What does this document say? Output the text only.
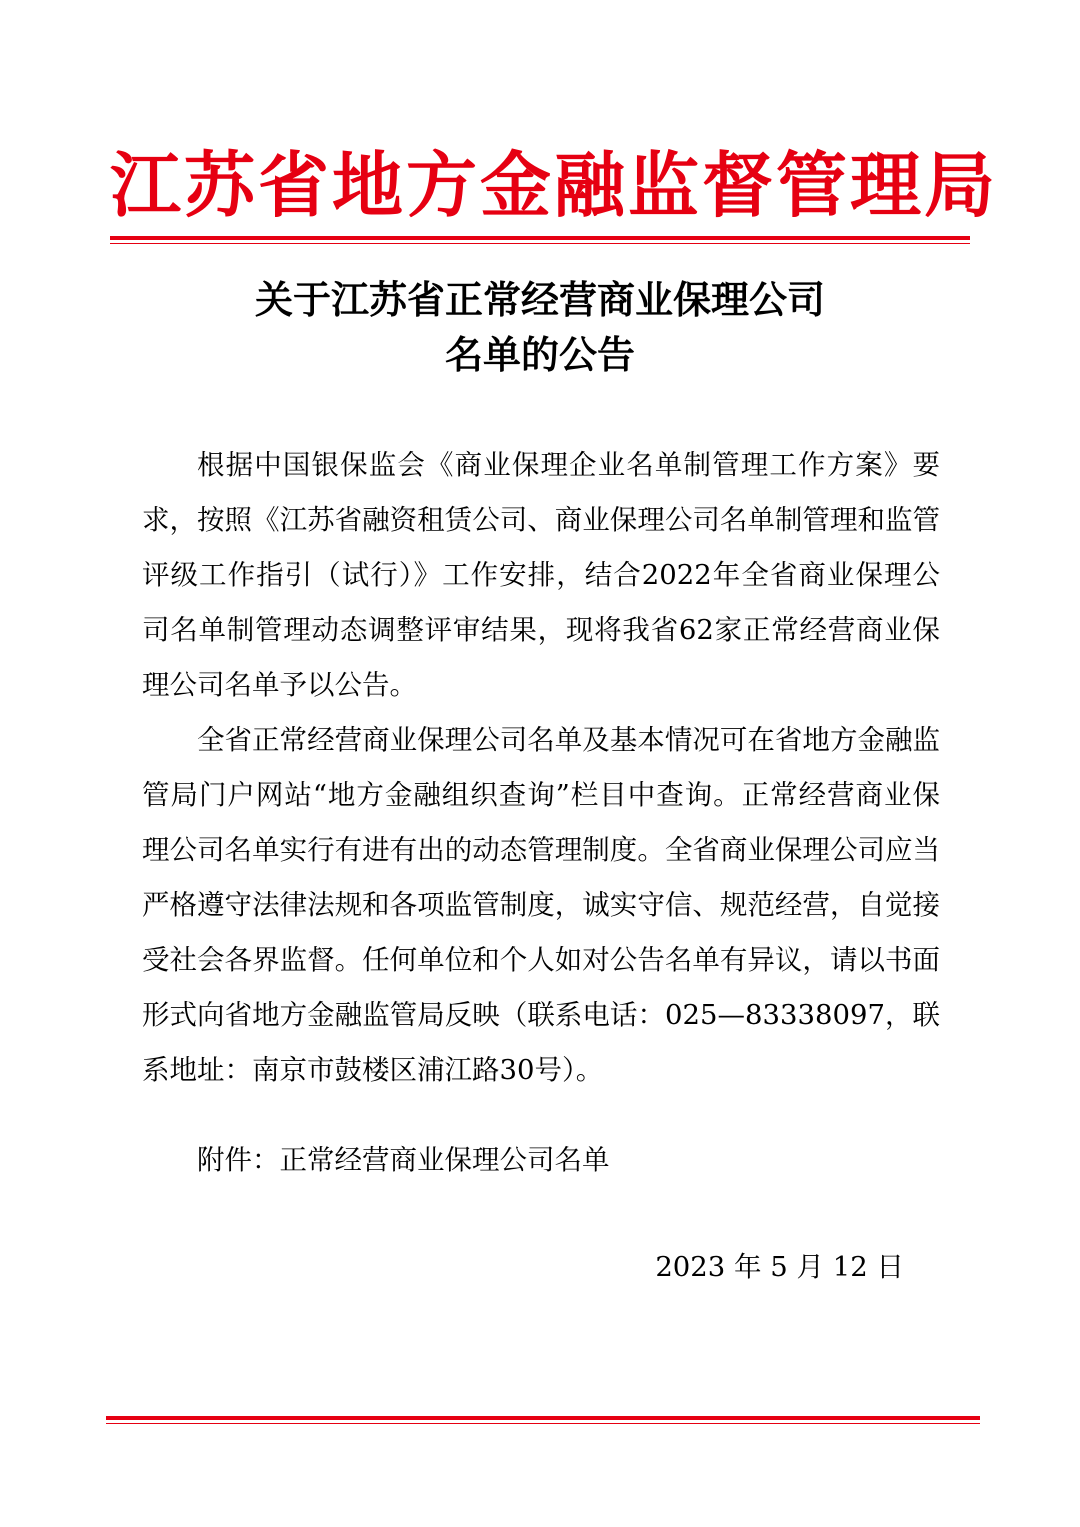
江苏省地方金融监督管理局
关于江苏省正常经营商业保理公司
名单的公告

根据中国银保监会《商业保理企业名单制管理工作方案》要求，按照《江苏省融资租赁公司、商业保理公司名单制管理和监管评级工作指引（试行）》工作安排，结合2022年全省商业保理公司名单制管理动态调整评审结果，现将我省62家正常经营商业保理公司名单予以公告。

全省正常经营商业保理公司名单及基本情况可在省地方金融监管局门户网站“地方金融组织查询”栏目中查询。正常经营商业保理公司名单实行有进有出的动态管理制度。全省商业保理公司应当严格遵守法律法规和各项监管制度，诚实守信、规范经营，自觉接受社会各界监督。任何单位和个人如对公告名单有异议，请以书面形式向省地方金融监管局反映（联系电话：025—83338097，联系地址：南京市鼓楼区浦江路30号）。

附件：正常经营商业保理公司名单
2023 年 5 月 12 日
